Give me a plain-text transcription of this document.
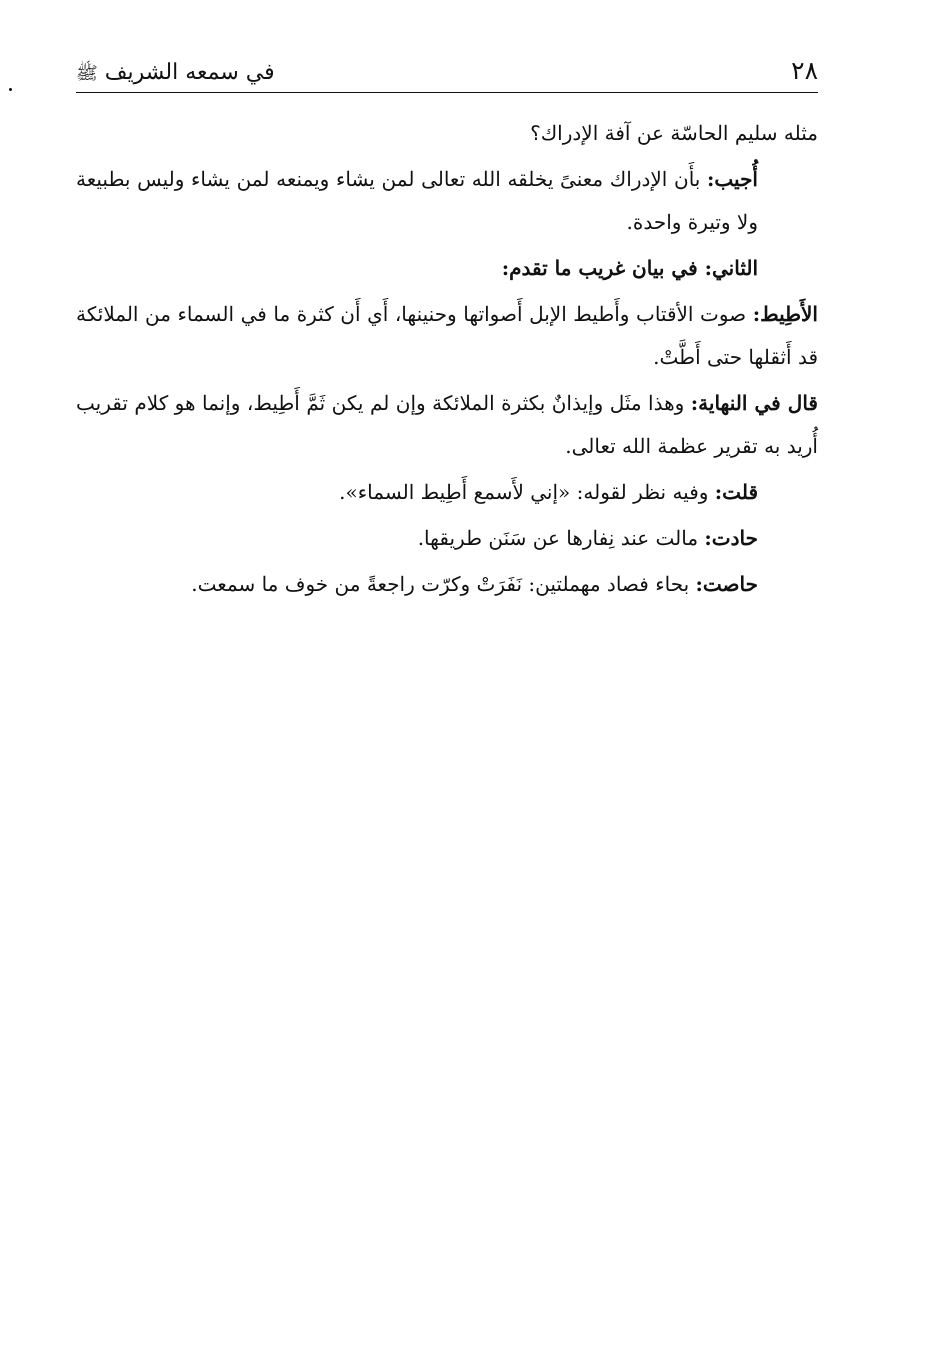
٢٨
في سمعه الشريف ﷺ

مثله سليم الحاسّة عن آفة الإدراك؟

أُجيب: بأَن الإدراك معنىً يخلقه الله تعالى لمن يشاء ويمنعه لمن يشاء وليس بطبيعة ولا وتيرة واحدة.

الثاني: في بيان غريب ما تقدم:

الأَطِيط: صوت الأقتاب وأَطيط الإبل أَصواتها وحنينها، أَي أَن كثرة ما في السماء من الملائكة قد أَثقلها حتى أَطَّتْ.

قال في النهاية: وهذا مثَل وإيذانٌ بكثرة الملائكة وإن لم يكن ثَمَّ أَطِيط، وإنما هو كلام تقريب أُريد به تقرير عظمة الله تعالى.

قلت: وفيه نظر لقوله: «إني لأَسمع أَطِيط السماء».

حادت: مالت عند نِفارها عن سَنَن طريقها.

حاصت: بحاء فصاد مهملتين: نَفَرَتْ وكرّت راجعةً من خوف ما سمعت.
